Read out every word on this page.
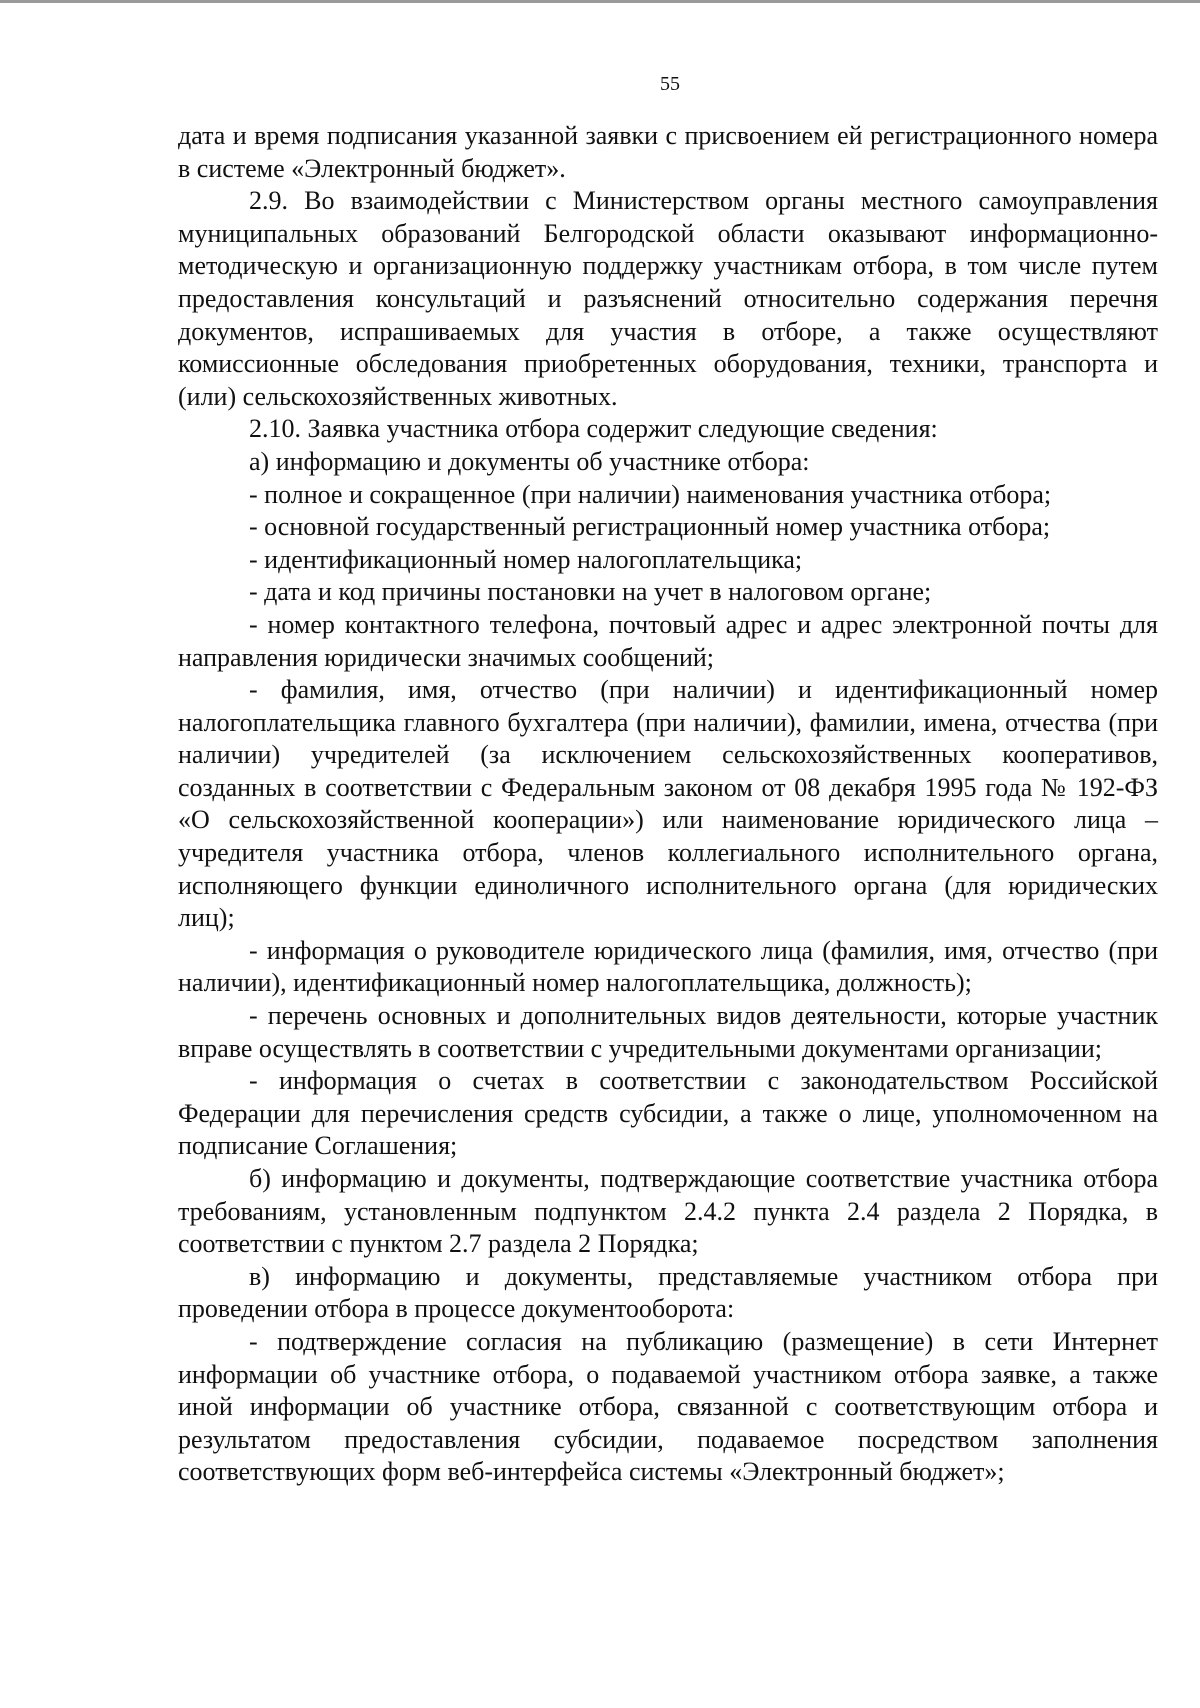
55

дата и время подписания указанной заявки с присвоением ей регистрационного номера в системе «Электронный бюджет».

2.9. Во взаимодействии с Министерством органы местного самоуправления муниципальных образований Белгородской области оказывают информационно-методическую и организационную поддержку участникам отбора, в том числе путем предоставления консультаций и разъяснений относительно содержания перечня документов, испрашиваемых для участия в отборе, а также осуществляют комиссионные обследования приобретенных оборудования, техники, транспорта и (или) сельскохозяйственных животных.

2.10. Заявка участника отбора содержит следующие сведения:

а) информацию и документы об участнике отбора:

- полное и сокращенное (при наличии) наименования участника отбора;

- основной государственный регистрационный номер участника отбора;

- идентификационный номер налогоплательщика;

- дата и код причины постановки на учет в налоговом органе;

- номер контактного телефона, почтовый адрес и адрес электронной почты для направления юридически значимых сообщений;

- фамилия, имя, отчество (при наличии) и идентификационный номер налогоплательщика главного бухгалтера (при наличии), фамилии, имена, отчества (при наличии) учредителей (за исключением сельскохозяйственных кооперативов, созданных в соответствии с Федеральным законом от 08 декабря 1995 года № 192-ФЗ «О сельскохозяйственной кооперации») или наименование юридического лица – учредителя участника отбора, членов коллегиального исполнительного органа, исполняющего функции единоличного исполнительного органа (для юридических лиц);

- информация о руководителе юридического лица (фамилия, имя, отчество (при наличии), идентификационный номер налогоплательщика, должность);

- перечень основных и дополнительных видов деятельности, которые участник вправе осуществлять в соответствии с учредительными документами организации;

- информация о счетах в соответствии с законодательством Российской Федерации для перечисления средств субсидии, а также о лице, уполномоченном на подписание Соглашения;

б) информацию и документы, подтверждающие соответствие участника отбора требованиям, установленным подпунктом 2.4.2 пункта 2.4 раздела 2 Порядка, в соответствии с пунктом 2.7 раздела 2 Порядка;

в) информацию и документы, представляемые участником отбора при проведении отбора в процессе документооборота:

- подтверждение согласия на публикацию (размещение) в сети Интернет информации об участнике отбора, о подаваемой участником отбора заявке, а также иной информации об участнике отбора, связанной с соответствующим отбора и результатом предоставления субсидии, подаваемое посредством заполнения соответствующих форм веб-интерфейса системы «Электронный бюджет»;
